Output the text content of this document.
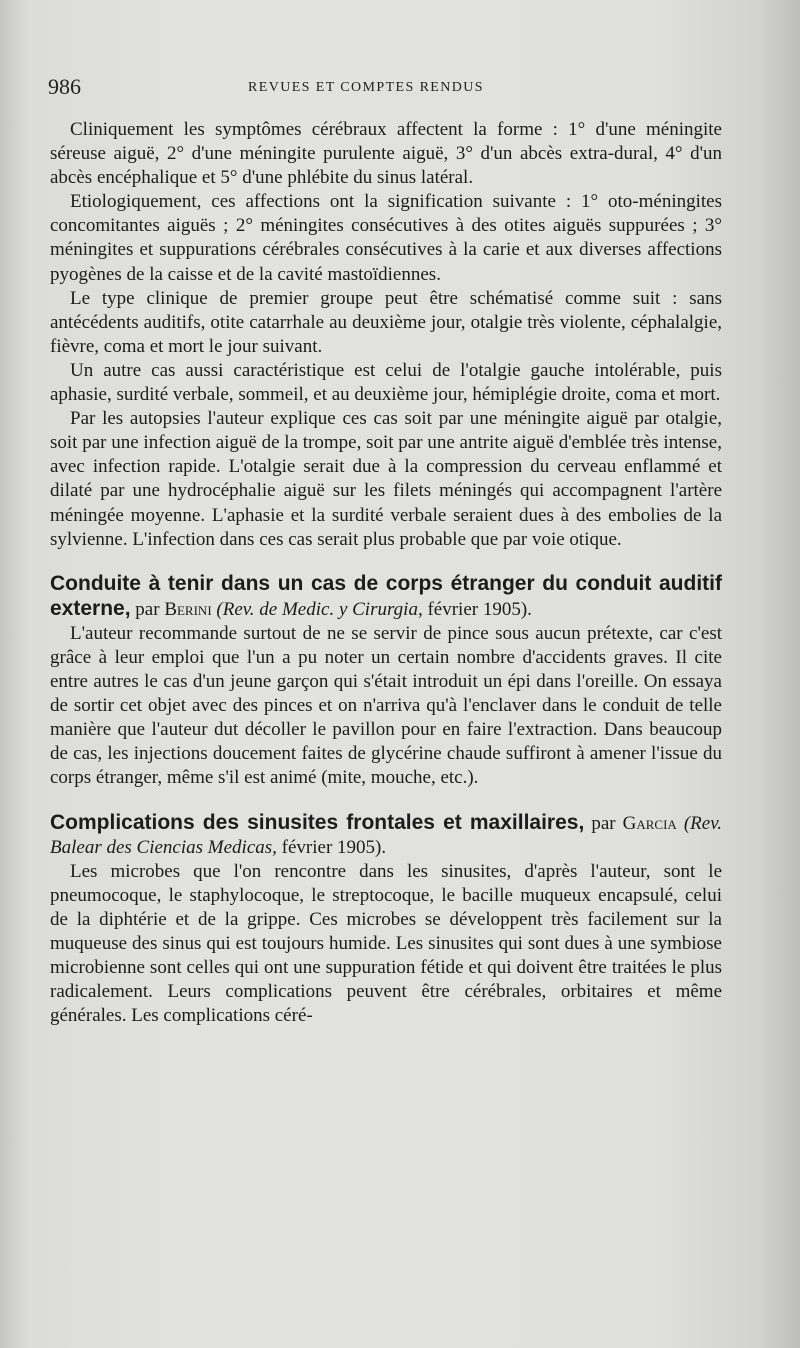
986	REVUES ET COMPTES RENDUS

Cliniquement les symptômes cérébraux affectent la forme : 1° d'une méningite séreuse aiguë, 2° d'une méningite purulente aiguë, 3° d'un abcès extra-dural, 4° d'un abcès encéphalique et 5° d'une phlébite du sinus latéral.

Etiologiquement, ces affections ont la signification suivante : 1° oto-méningites concomitantes aiguës ; 2° méningites consécutives à des otites aiguës suppurées ; 3° méningites et suppurations cérébrales consécutives à la carie et aux diverses affections pyogènes de la caisse et de la cavité mastoïdiennes.

Le type clinique de premier groupe peut être schématisé comme suit : sans antécédents auditifs, otite catarrhale au deuxième jour, otalgie très violente, céphalalgie, fièvre, coma et mort le jour suivant.

Un autre cas aussi caractéristique est celui de l'otalgie gauche intolérable, puis aphasie, surdité verbale, sommeil, et au deuxième jour, hémiplégie droite, coma et mort.

Par les autopsies l'auteur explique ces cas soit par une méningite aiguë par otalgie, soit par une infection aiguë de la trompe, soit par une antrite aiguë d'emblée très intense, avec infection rapide. L'otalgie serait due à la compression du cerveau enflammé et dilaté par une hydrocéphalie aiguë sur les filets méningés qui accompagnent l'artère méningée moyenne. L'aphasie et la surdité verbale seraient dues à des embolies de la sylvienne. L'infection dans ces cas serait plus probable que par voie otique.

Conduite à tenir dans un cas de corps étranger du conduit auditif externe, par Berini (Rev. de Medic. y Cirurgia, février 1905).

L'auteur recommande surtout de ne se servir de pince sous aucun prétexte, car c'est grâce à leur emploi que l'un a pu noter un certain nombre d'accidents graves. Il cite entre autres le cas d'un jeune garçon qui s'était introduit un épi dans l'oreille. On essaya de sortir cet objet avec des pinces et on n'arriva qu'à l'enclaver dans le conduit de telle manière que l'auteur dut décoller le pavillon pour en faire l'extraction. Dans beaucoup de cas, les injections doucement faites de glycérine chaude suffiront à amener l'issue du corps étranger, même s'il est animé (mite, mouche, etc.).

Complications des sinusites frontales et maxillaires, par Garcia (Rev. Balear des Ciencias Medicas, février 1905).

Les microbes que l'on rencontre dans les sinusites, d'après l'auteur, sont le pneumocoque, le staphylocoque, le streptocoque, le bacille muqueux encapsulé, celui de la diphtérie et de la grippe. Ces microbes se développent très facilement sur la muqueuse des sinus qui est toujours humide. Les sinusites qui sont dues à une symbiose microbienne sont celles qui ont une suppuration fétide et qui doivent être traitées le plus radicalement. Leurs complications peuvent être cérébrales, orbitaires et même générales. Les complications céré-
